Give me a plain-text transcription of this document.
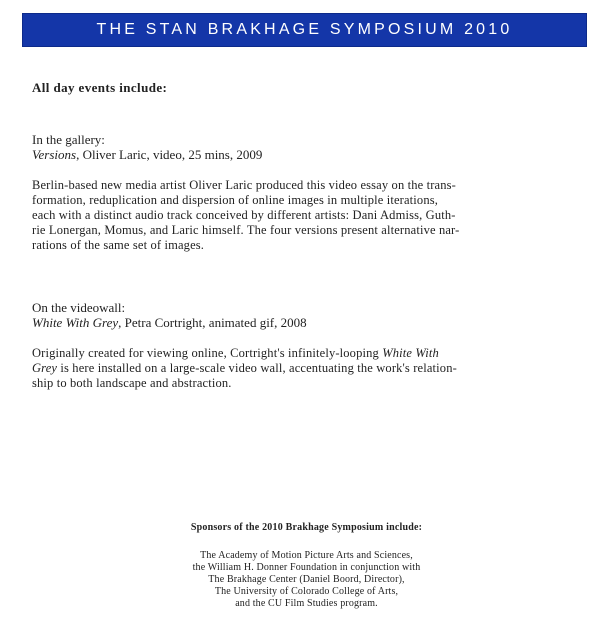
THE STAN BRAKHAGE SYMPOSIUM 2010

All day events include:

In the gallery:

Versions, Oliver Laric, video, 25 mins, 2009

Berlin-based new media artist Oliver Laric produced this video essay on the trans-
formation, reduplication and dispersion of online images in multiple iterations,
each with a distinct audio track conceived by different artists: Dani Admiss, Guth-
rie Lonergan, Momus, and Laric himself. The four versions present alternative nar-
rations of the same set of images.

On the videowall:

White With Grey, Petra Cortright, animated gif, 2008

Originally created for viewing online, Cortright's infinitely-looping White With
Grey is here installed on a large-scale video wall, accentuating the work's relation-
ship to both landscape and abstraction.

Sponsors of the 2010 Brakhage Symposium include:

The Academy of Motion Picture Arts and Sciences,
the William H. Donner Foundation in conjunction with
The Brakhage Center (Daniel Boord, Director),
The University of Colorado College of Arts,
and the CU Film Studies program.
